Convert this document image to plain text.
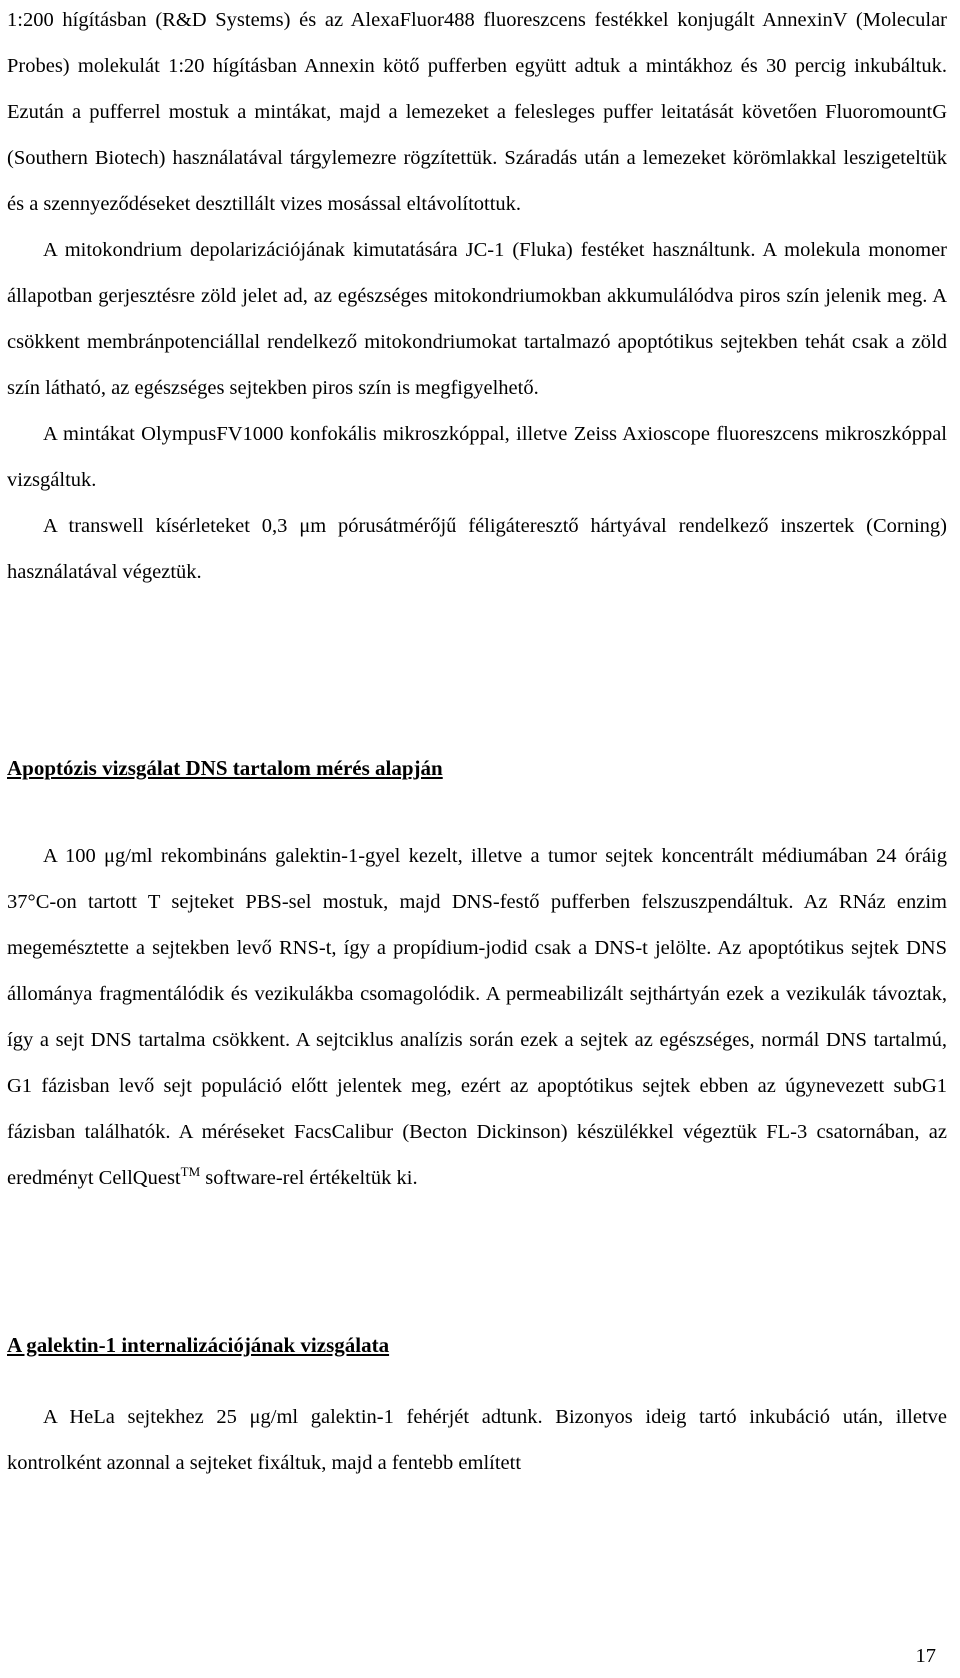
1:200 hígításban (R&D Systems) és az AlexaFluor488 fluoreszcens festékkel konjugált AnnexinV (Molecular Probes) molekulát 1:20 hígításban Annexin kötő pufferben együtt adtuk a mintákhoz és 30 percig inkubáltuk. Ezután a pufferrel mostuk a mintákat, majd a lemezeket a felesleges puffer leitatását követően FluoromountG (Southern Biotech) használatával tárgylemezre rögzítettük. Száradás után a lemezeket körömlakkal leszigeteltük és a szennyeződéseket desztillált vizes mosással eltávolítottuk.

A mitokondrium depolarizációjának kimutatására JC-1 (Fluka) festéket használtunk. A molekula monomer állapotban gerjesztésre zöld jelet ad, az egészséges mitokondriumokban akkumulálódva piros szín jelenik meg. A csökkent membránpotenciállal rendelkező mitokondriumokat tartalmazó apoptótikus sejtekben tehát csak a zöld szín látható, az egészséges sejtekben piros szín is megfigyelhető.

A mintákat OlympusFV1000 konfokális mikroszkóppal, illetve Zeiss Axioscope fluoreszcens mikroszkóppal vizsgáltuk.

A transwell kísérleteket 0,3 μm pórusátmérőjű féligáteresztő hártyával rendelkező inszertek (Corning) használatával végeztük.

Apoptózis vizsgálat DNS tartalom mérés alapján

A 100 μg/ml rekombináns galektin-1-gyel kezelt, illetve a tumor sejtek koncentrált médiumában 24 óráig 37°C-on tartott T sejteket PBS-sel mostuk, majd DNS-festő pufferben felszuszpendáltuk. Az RNáz enzim megemésztette a sejtekben levő RNS-t, így a propídium-jodid csak a DNS-t jelölte. Az apoptótikus sejtek DNS állománya fragmentálódik és vezikulákba csomagolódik. A permeabilizált sejthártyán ezek a vezikulák távoztak, így a sejt DNS tartalma csökkent. A sejtciklus analízis során ezek a sejtek az egészséges, normál DNS tartalmú, G1 fázisban levő sejt populáció előtt jelentek meg, ezért az apoptótikus sejtek ebben az úgynevezett subG1 fázisban találhatók. A méréseket FacsCalibur (Becton Dickinson) készülékkel végeztük FL-3 csatornában, az eredményt CellQuest™ software-rel értékeltük ki.

A galektin-1 internalizációjának vizsgálata

A HeLa sejtekhez 25 μg/ml galektin-1 fehérjét adtunk. Bizonyos ideig tartó inkubáció után, illetve kontrolként azonnal a sejteket fixáltuk, majd a fentebb említett

17
